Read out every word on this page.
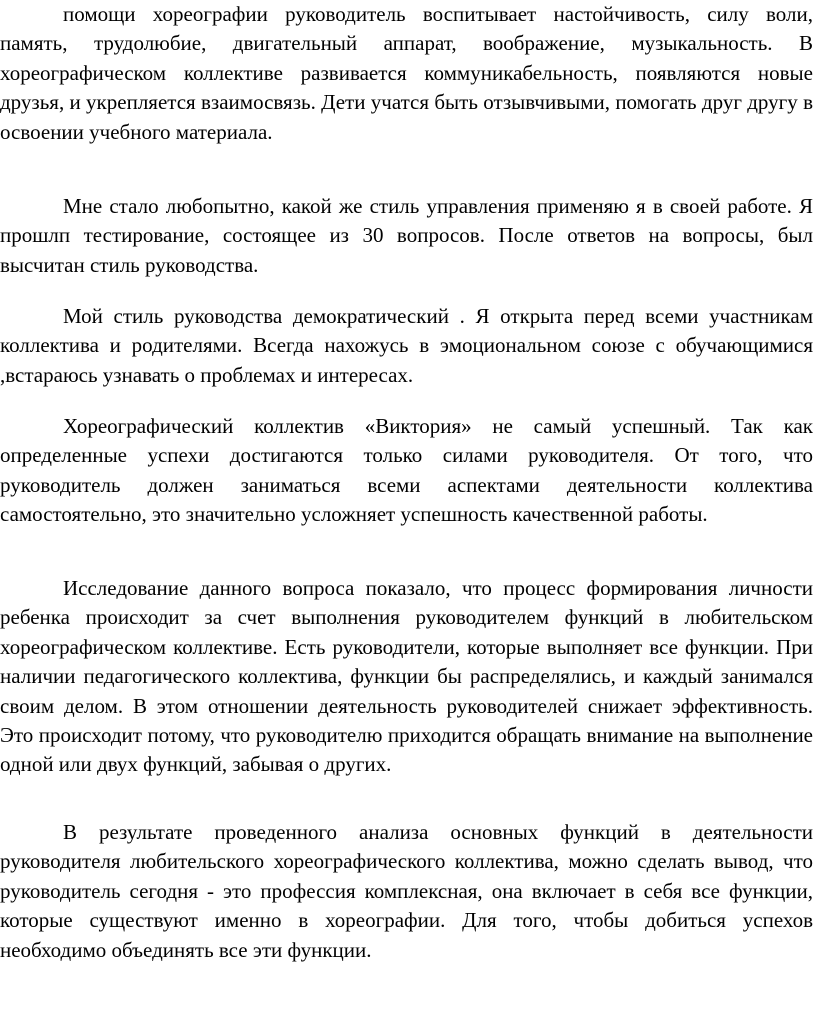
помощи хореографии руководитель воспитывает настойчивость, силу воли, память, трудолюбие, двигательный аппарат, воображение, музыкальность. В хореографическом коллективе развивается коммуникабельность, появляются новые друзья, и укрепляется взаимосвязь. Дети учатся быть отзывчивыми, помогать друг другу в освоении учебного материала.

Мне стало любопытно, какой же стиль управления применяю я в своей работе. Я прошлп тестирование, состоящее из 30 вопросов. После ответов на вопросы, был высчитан стиль руководства.

Мой стиль руководства демократический . Я открыта перед всеми участникам коллектива и родителями. Всегда нахожусь в эмоциональном союзе с обучающимися ,встараюсь узнавать о проблемах и интересах.

Хореографический коллектив «Виктория» не самый успешный. Так как определенные успехи достигаются только силами руководителя. От того, что руководитель должен заниматься всеми аспектами деятельности коллектива самостоятельно, это значительно усложняет успешность качественной работы.

Исследование данного вопроса показало, что процесс формирования личности ребенка происходит за счет выполнения руководителем функций в любительском хореографическом коллективе. Есть руководители, которые выполняет все функции. При наличии педагогического коллектива, функции бы распределялись, и каждый занимался своим делом. В этом отношении деятельность руководителей снижает эффективность. Это происходит потому, что руководителю приходится обращать внимание на выполнение одной или двух функций, забывая о других.

В результате проведенного анализа основных функций в деятельности руководителя любительского хореографического коллектива, можно сделать вывод, что руководитель сегодня - это профессия комплексная, она включает в себя все функции, которые существуют именно в хореографии. Для того, чтобы добиться успехов необходимо объединять все эти функции.
